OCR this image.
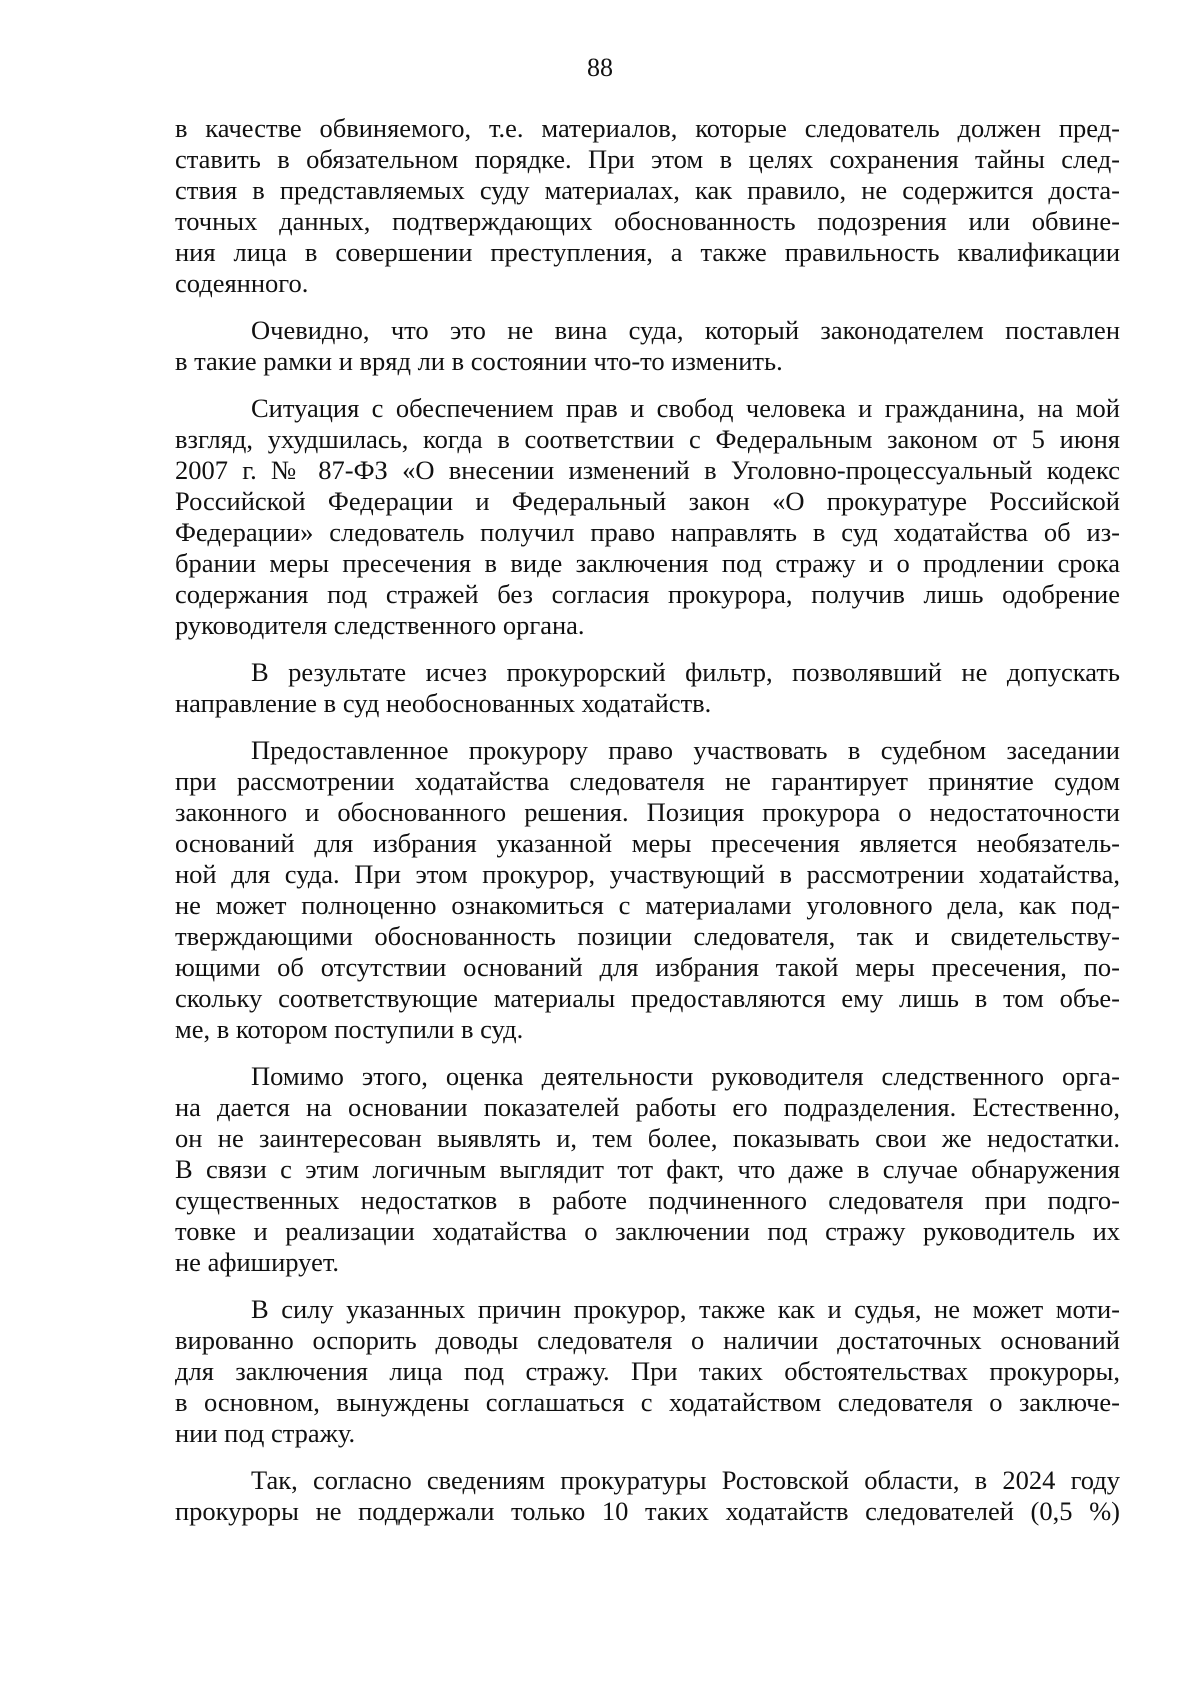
88
в качестве обвиняемого, т.е. материалов, которые следователь должен пред-
ставить в обязательном порядке. При этом в целях сохранения тайны след-
ствия в представляемых суду материалах, как правило, не содержится доста-
точных данных, подтверждающих обоснованность подозрения или обвине-
ния лица в совершении преступления, а также правильность квалификации
содеянного.
Очевидно, что это не вина суда, который законодателем поставлен
в такие рамки и вряд ли в состоянии что-то изменить.
Ситуация с обеспечением прав и свобод человека и гражданина, на мой
взгляд, ухудшилась, когда в соответствии с Федеральным законом от 5 июня
2007 г. № 87-ФЗ «О внесении изменений в Уголовно-процессуальный кодекс
Российской Федерации и Федеральный закон «О прокуратуре Российской
Федерации» следователь получил право направлять в суд ходатайства об из-
брании меры пресечения в виде заключения под стражу и о продлении срока
содержания под стражей без согласия прокурора, получив лишь одобрение
руководителя следственного органа.
В результате исчез прокурорский фильтр, позволявший не допускать
направление в суд необоснованных ходатайств.
Предоставленное прокурору право участвовать в судебном заседании
при рассмотрении ходатайства следователя не гарантирует принятие судом
законного и обоснованного решения. Позиция прокурора о недостаточности
оснований для избрания указанной меры пресечения является необязатель-
ной для суда. При этом прокурор, участвующий в рассмотрении ходатайства,
не может полноценно ознакомиться с материалами уголовного дела, как под-
тверждающими обоснованность позиции следователя, так и свидетельству-
ющими об отсутствии оснований для избрания такой меры пресечения, по-
скольку соответствующие материалы предоставляются ему лишь в том объе-
ме, в котором поступили в суд.
Помимо этого, оценка деятельности руководителя следственного орга-
на дается на основании показателей работы его подразделения. Естественно,
он не заинтересован выявлять и, тем более, показывать свои же недостатки.
В связи с этим логичным выглядит тот факт, что даже в случае обнаружения
существенных недостатков в работе подчиненного следователя при подго-
товке и реализации ходатайства о заключении под стражу руководитель их
не афиширует.
В силу указанных причин прокурор, также как и судья, не может моти-
вированно оспорить доводы следователя о наличии достаточных оснований
для заключения лица под стражу. При таких обстоятельствах прокуроры,
в основном, вынуждены соглашаться с ходатайством следователя о заключе-
нии под стражу.
Так, согласно сведениям прокуратуры Ростовской области, в 2024 году
прокуроры не поддержали только 10 таких ходатайств следователей (0,5 %)
